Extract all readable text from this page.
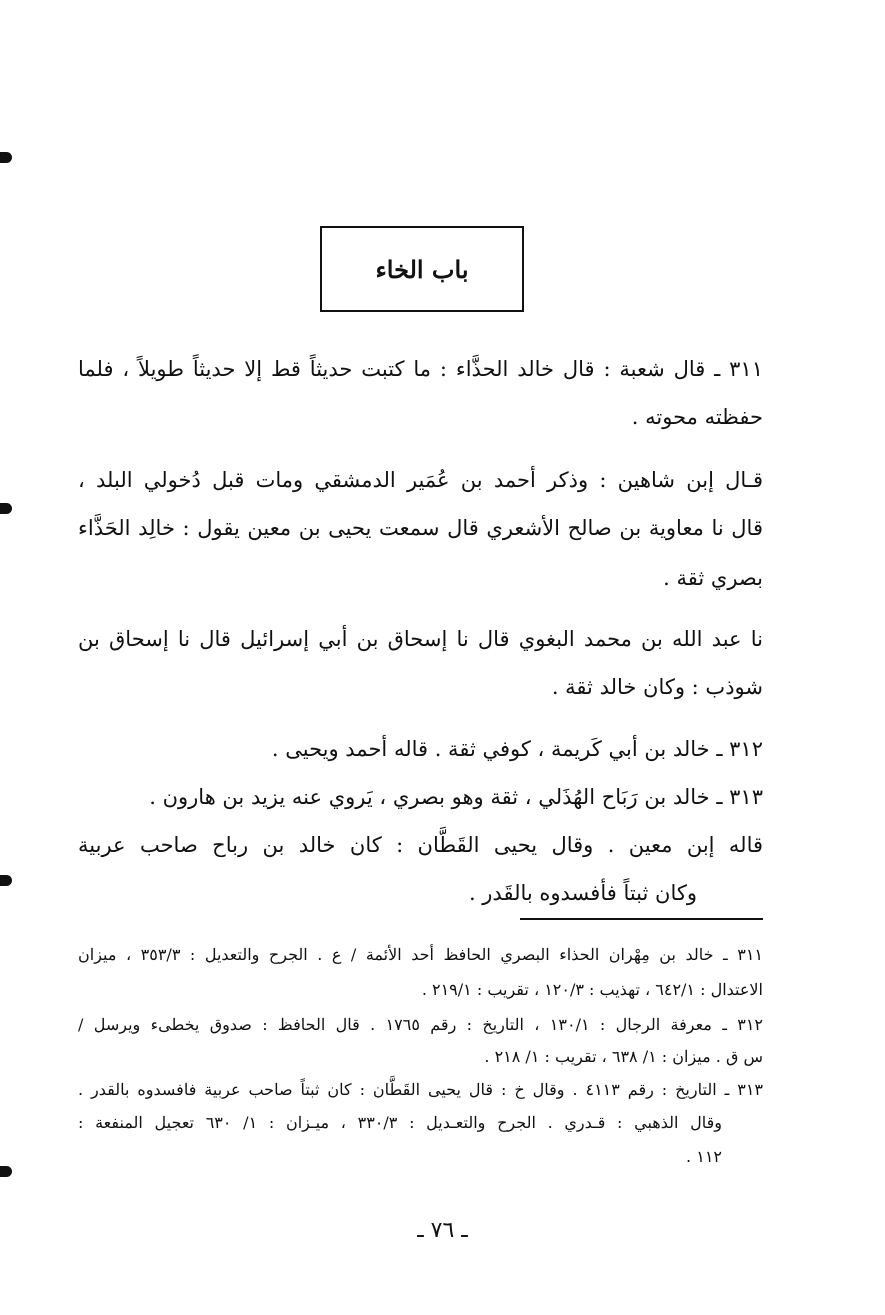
باب الخاء
٣١١ ـ قال شعبة : قال خالد الحذَّاء : ما كتبت حديثاً قط إلا حديثاً طويلاً ، فلما
حفظته محوته .
قـال إبن شاهين : وذكر أحمد بن عُمَير الدمشقي ومات قبل دُخولي البلد ،
قال نا معاوية بن صالح الأشعري قال سمعت يحيى بن معين يقول : خالِد الحَذَّاء
بصري ثقة .
نا عبد الله بن محمد البغوي قال نا إسحاق بن أبي إسرائيل قال نا إسحاق بن
شوذب : وكان خالد ثقة .
٣١٢ ـ خالد بن أبي كَريمة ، كوفي ثقة . قاله أحمد ويحيى .
٣١٣ ـ خالد بن رَبَاح الهُذَلي ، ثقة وهو بصري ، يَروي عنه يزيد بن هارون .
قاله إبن معين . وقال يحيى القَطَّان : كان خالد بن رباح صاحب عربية
وكان ثبتاً فأفسدوه بالقَدر .
٣١١ ـ خالد بن مِهْران الحذاء البصري الحافظ أحد الأئمة / ع . الجرح والتعديل : ٣٥٣/٣ ، ميزان
الاعتدال : ٦٤٢/١ ، تهذيب : ١٢٠/٣ ، تقريب : ٢١٩/١ .
٣١٢ ـ معرفة الرجال : ١٣٠/١ ، التاريخ : رقم ١٧٦٥ . قال الحافظ : صدوق يخطىء ويرسل /
س ق . ميزان : ١/ ٦٣٨ ، تقريب : ١/ ٢١٨ .
٣١٣ ـ التاريخ : رقم ٤١١٣ . وقال خ : قال يحيى القَطَّان : كان ثبتاً صاحب عربية فافسدوه بالقدر .
وقال الذهبي : قـدري . الجرح والتعـديل : ٣٣٠/٣ ، ميـزان : ١/ ٦٣٠ تعجيل المنفعة :
١١٢ .
ـ ٧٦ ـ
